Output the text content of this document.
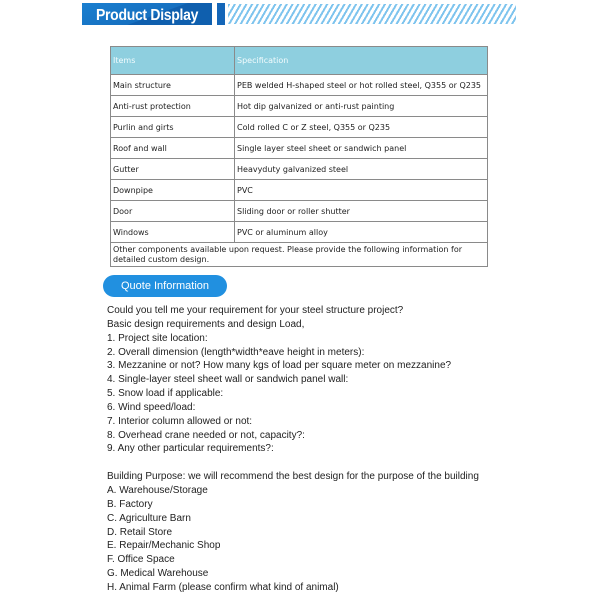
Product Display
Items	Specification
Main structure	PEB welded H-shaped steel or hot rolled steel, Q355 or Q235
Anti-rust protection	Hot dip galvanized or anti-rust painting
Purlin and girts	Cold rolled C or Z steel, Q355 or Q235
Roof and wall	Single layer steel sheet or sandwich panel
Gutter	Heavyduty galvanized steel
Downpipe	PVC
Door	Sliding door or roller shutter
Windows	PVC or aluminum alloy
Other components available upon request. Please provide the following information for detailed custom design.	
Quote Information

Could you tell me your requirement for your steel structure project?

Basic design requirements and design Load,

1. Project site location:

2. Overall dimension (length*width*eave height in meters):

3. Mezzanine or not? How many kgs of load per square meter on mezzanine?

4. Single-layer steel sheet wall or sandwich panel wall:

5. Snow load if applicable:

6. Wind speed/load:

7. Interior column allowed or not:

8. Overhead crane needed or not, capacity?:

9. Any other particular requirements?:

Building Purpose: we will recommend the best design for the purpose of the building

A. Warehouse/Storage

B. Factory

C. Agriculture Barn

D. Retail Store

E. Repair/Mechanic Shop

F. Office Space

G. Medical Warehouse

H. Animal Farm (please confirm what kind of animal)
